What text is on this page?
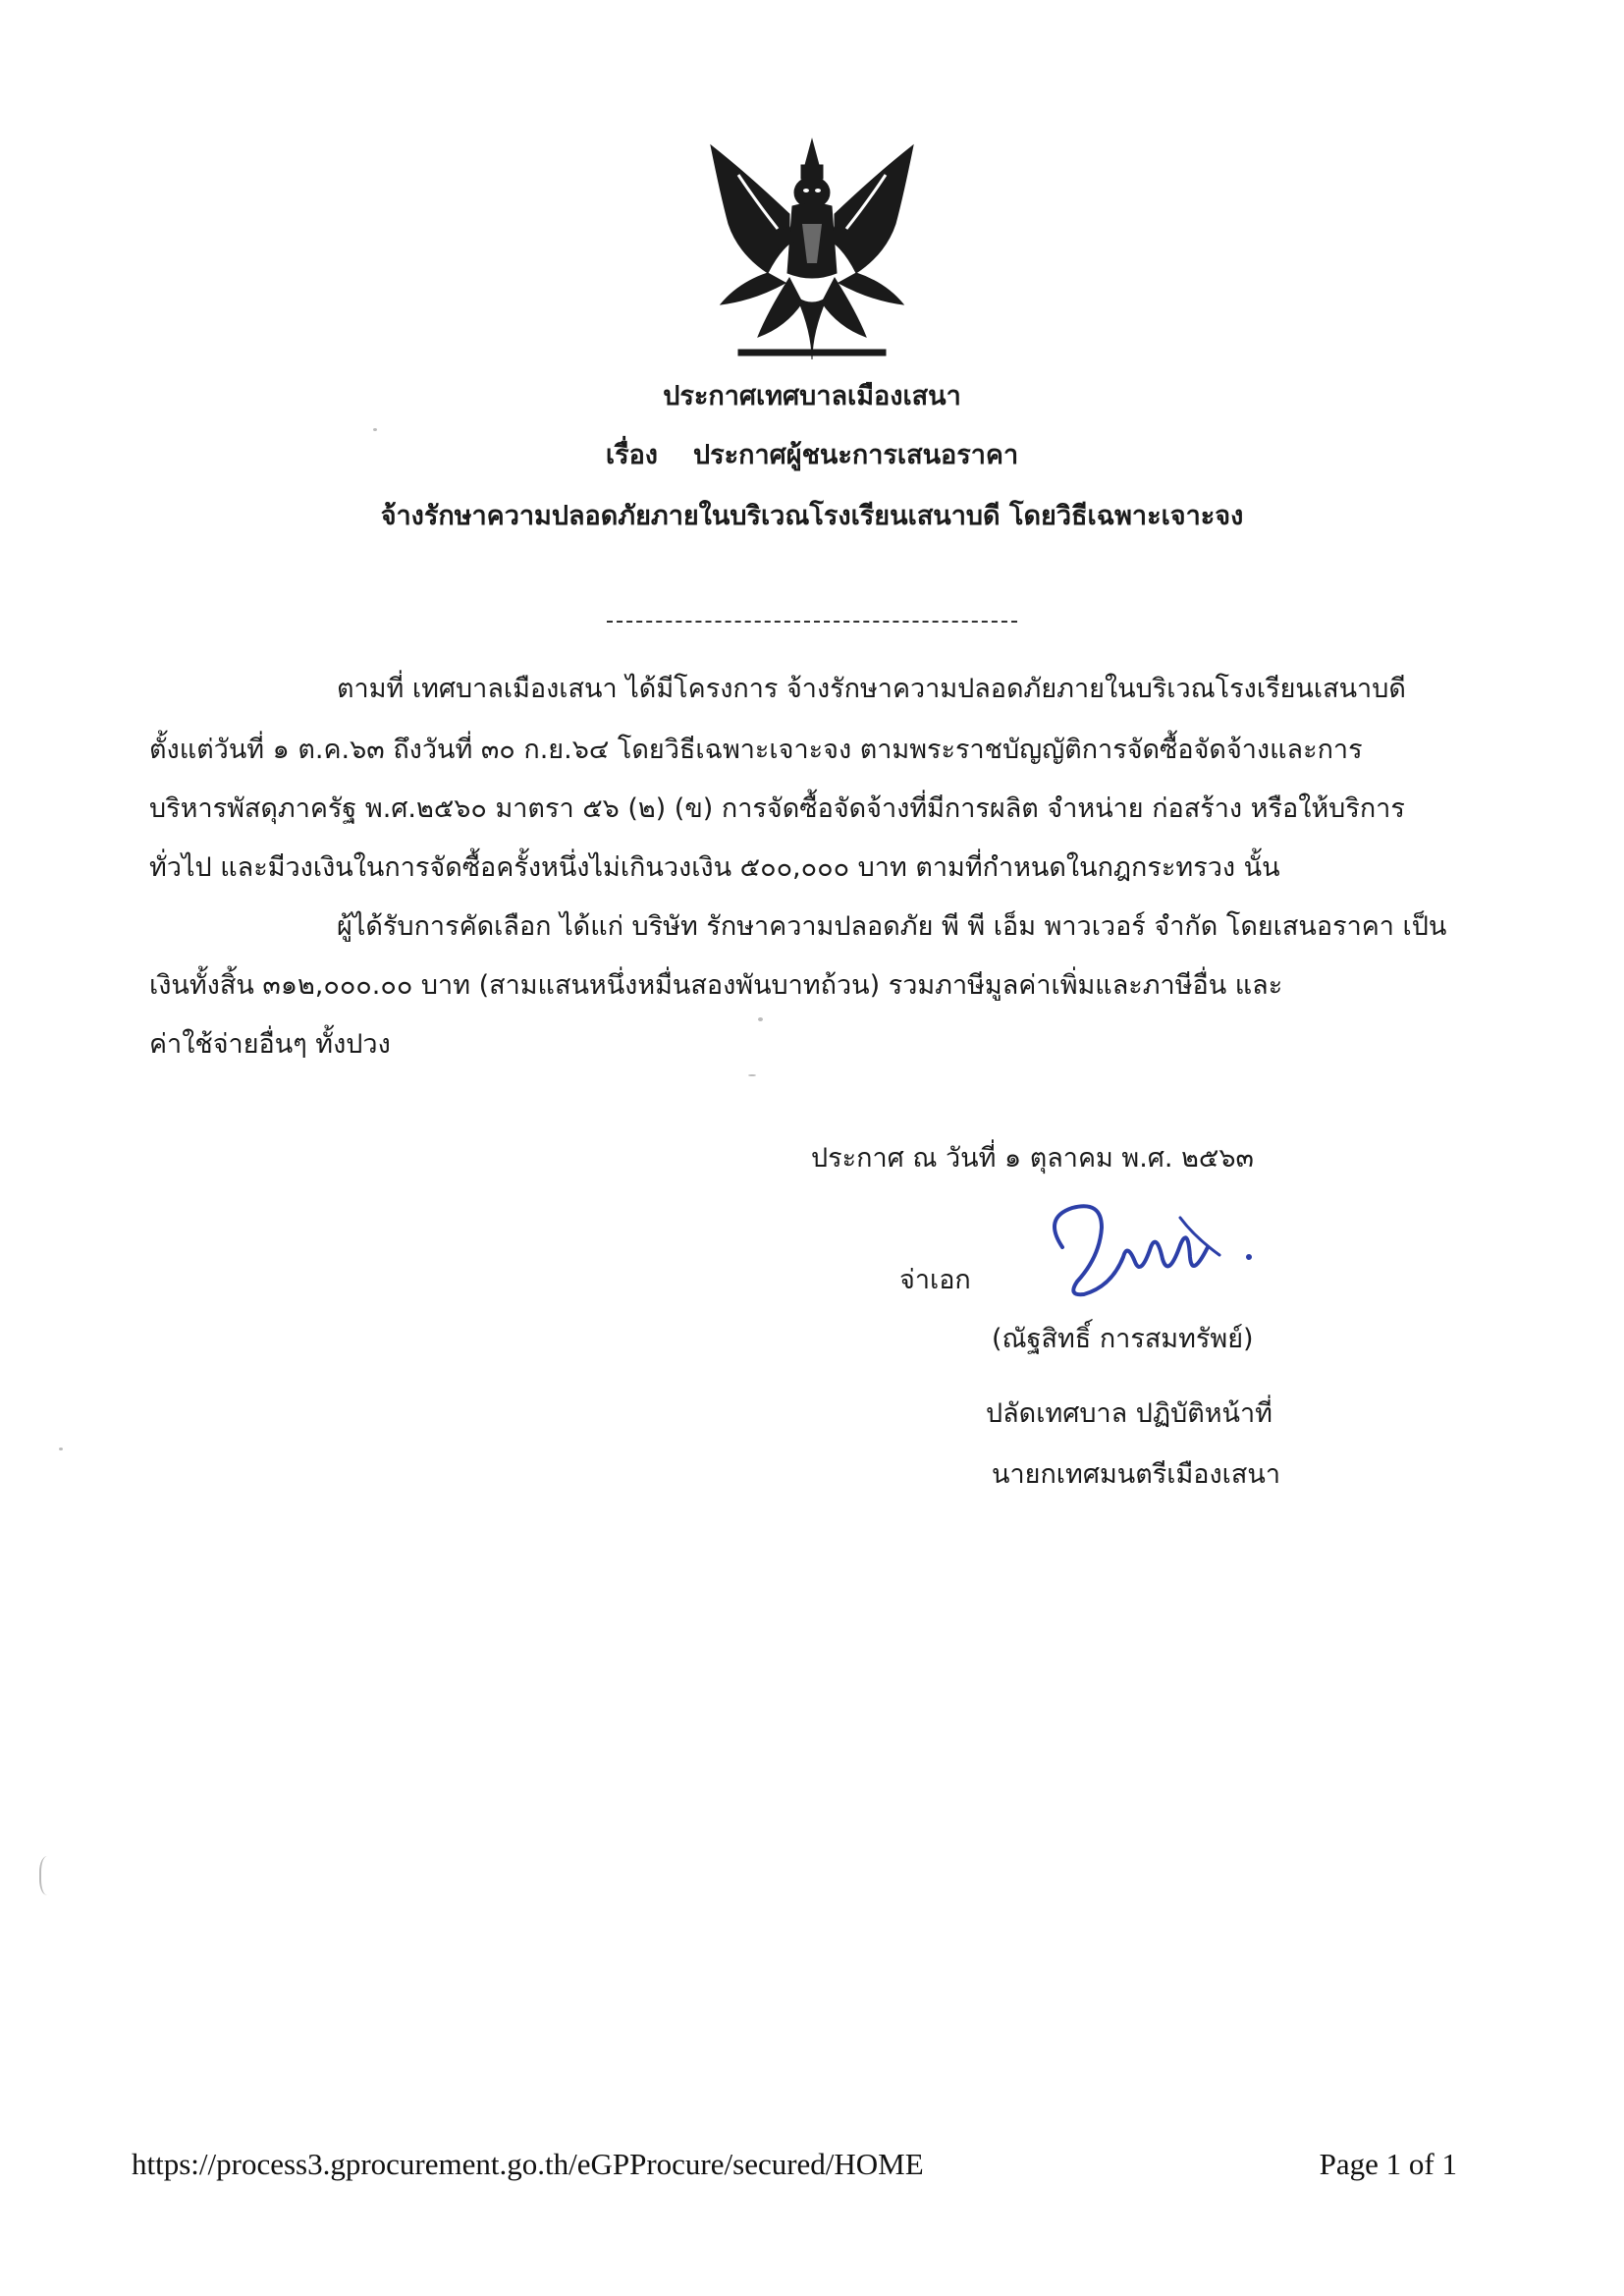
ประกาศเทศบาลเมืองเสนา
เรื่อง ประกาศผู้ชนะการเสนอราคา
จ้างรักษาความปลอดภัยภายในบริเวณโรงเรียนเสนาบดี โดยวิธีเฉพาะเจาะจง
ตามที่ เทศบาลเมืองเสนา ได้มีโครงการ จ้างรักษาความปลอดภัยภายในบริเวณโรงเรียนเสนาบดี
ตั้งแต่วันที่ ๑ ต.ค.๖๓ ถึงวันที่ ๓๐ ก.ย.๖๔ โดยวิธีเฉพาะเจาะจง ตามพระราชบัญญัติการจัดซื้อจัดจ้างและการ
บริหารพัสดุภาครัฐ พ.ศ.๒๕๖๐ มาตรา ๕๖ (๒) (ข) การจัดซื้อจัดจ้างที่มีการผลิต จำหน่าย ก่อสร้าง หรือให้บริการ
ทั่วไป และมีวงเงินในการจัดซื้อครั้งหนึ่งไม่เกินวงเงิน ๕๐๐,๐๐๐ บาท ตามที่กำหนดในกฎกระทรวง นั้น
ผู้ได้รับการคัดเลือก ได้แก่ บริษัท รักษาความปลอดภัย พี พี เอ็ม พาวเวอร์ จำกัด โดยเสนอราคา เป็น
เงินทั้งสิ้น ๓๑๒,๐๐๐.๐๐ บาท (สามแสนหนึ่งหมื่นสองพันบาทถ้วน) รวมภาษีมูลค่าเพิ่มและภาษีอื่น และ
ค่าใช้จ่ายอื่นๆ ทั้งปวง
ประกาศ ณ วันที่ ๑ ตุลาคม พ.ศ. ๒๕๖๓
จ่าเอก
(ณัฐสิทธิ์ การสมทรัพย์)
ปลัดเทศบาล ปฏิบัติหน้าที่
นายกเทศมนตรีเมืองเสนา
https://process3.gprocurement.go.th/eGPProcure/secured/HOME	Page 1 of 1
